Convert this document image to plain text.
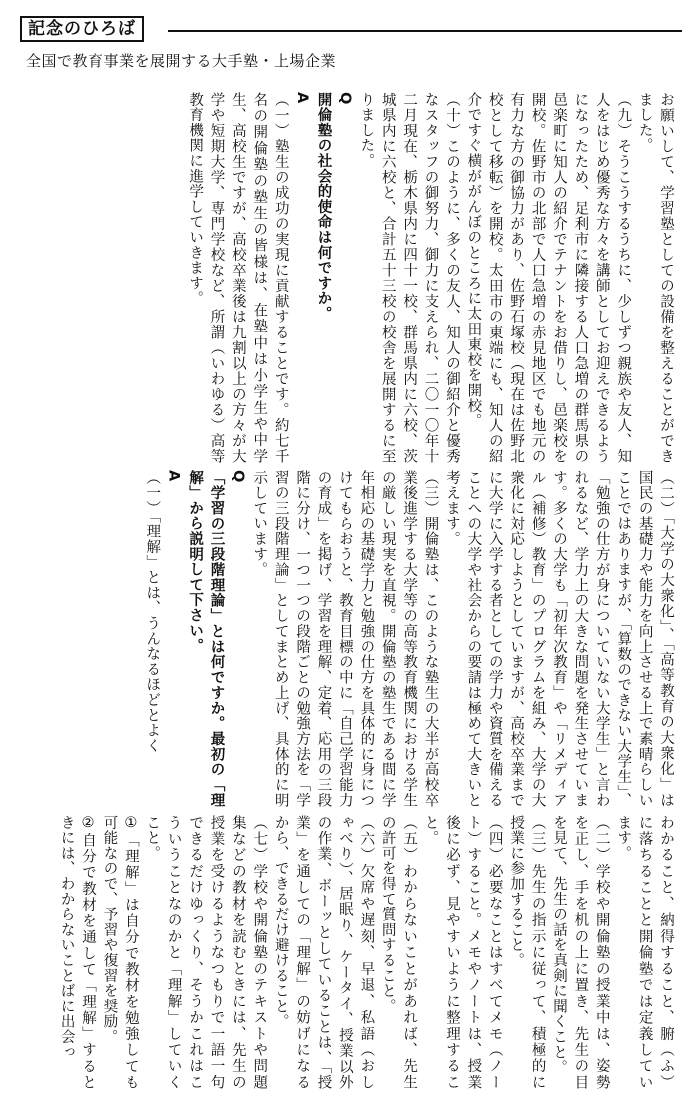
記念のひろば
全国で教育事業を展開する大手塾・上場企業

お願いして、学習塾としての設備を整えることができました。

（九）そうこうするうちに、少しずつ親族や友人、知人をはじめ優秀な方々を講師としてお迎えできるようになったため、足利市に隣接する人口急増の群馬県の邑楽町に知人の紹介でテナントをお借りし、邑楽校を開校。佐野市の北部で人口急増の赤見地区でも地元の有力な方の御協力があり、佐野石塚校（現在は佐野北校として移転）を開校。太田市の東端にも、知人の紹介ですぐ横ががんぼのところに太田東校を開校。

（十）このように、多くの友人、知人の御紹介と優秀なスタッフの御努力、御力に支えられ、二〇一〇年十二月現在、栃木県内に四十一校、群馬県内に六校、茨城県内に六校と、合計五十三校の校舎を展開するに至りました。

Q

開倫塾の社会的使命は何ですか。

A

（一）塾生の成功の実現に貢献することです。約七千名の開倫塾の塾生の皆様は、在塾中は小学生や中学生、高校生ですが、高校卒業後は九割以上の方々が大学や短期大学、専門学校など、所謂（いわゆる）高等教育機関に進学していきます。

（二）「大学の大衆化」、「高等教育の大衆化」は国民の基礎力や能力を向上させる上で素晴らしいことではありますが、「算数のできない大学生」、「勉強の仕方が身についていない大学生」と言われるなど、学力上の大きな問題を発生させています。多くの大学も「初年次教育」や「リメディアル（補修）教育」のプログラムを組み、大学の大衆化に対応しようとしていますが、高校卒業までに大学に入学する者としての学力や資質を備えることへの大学や社会からの要請は極めて大きいと考えます。

（三）開倫塾は、このような塾生の大半が高校卒業後進学する大学等の高等教育機関における学生の厳しい現実を直視。開倫塾の塾生である間に学年相応の基礎学力と勉強の仕方を具体的に身につけてもらおうと、教育目標の中に「自己学習能力の育成」を掲げ、学習を理解、定着、応用の三段階に分け、一つ一つの段階ごとの勉強方法を「学習の三段階理論」としてまとめ上げ、具体的に明示しています。

Q

「学習の三段階理論」とは何ですか。最初の「理解」から説明して下さい。

A

（一）「理解」とは、うんなるほどとよく

わかること、納得すること、腑（ふ）に落ちることと開倫塾では定義しています。

（二）学校や開倫塾の授業中は、姿勢を正し、手を机の上に置き、先生の目を見て、先生の話を真剣に聞くこと。

（三）先生の指示に従って、積極的に授業に参加すること。

（四）必要なことはすべてメモ（ノート）すること。メモやノートは、授業後に必ず、見やすいように整理すること。

（五）わからないことがあれば、先生の許可を得て質問すること。

（六）欠席や遅刻、早退、私語（おしゃべり）、居眠り、ケータイ、授業以外の作業、ボーッとしていることは、「授業」を通しての「理解」の妨げになるから、できるだけ避けること。

（七）学校や開倫塾のテキストや問題集などの教材を読むときには、先生の授業を受けるようなつもりで一語一句できるだけゆっくり、そうかこれはこういうことなのかと「理解」していくこと。

①「理解」は自分で教材を勉強しても可能なので、予習や復習を奨励。

②自分で教材を通して「理解」するときには、わからないことばに出会っ
